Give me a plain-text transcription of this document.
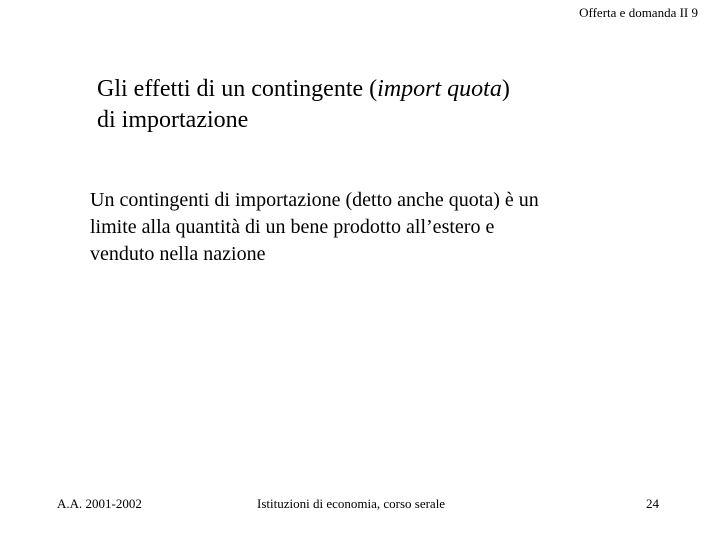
Offerta e domanda II 9
Gli effetti di un contingente (import quota)
di importazione
Un contingenti di importazione (detto anche quota) è un
limite alla quantità di un bene prodotto all’estero e
venduto nella nazione
A.A. 2001-2002	Istituzioni di economia, corso serale	24
